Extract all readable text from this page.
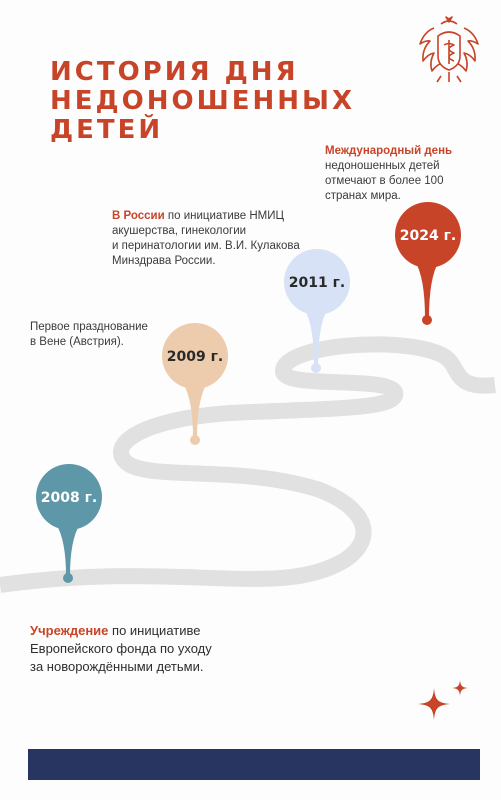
ИСТОРИЯ ДНЯ
НЕДОНОШЕННЫХ
ДЕТЕЙ
2008 г.
2009 г.
2011 г.
2024 г.
Международный день
недоношенных детей
отмечают в более 100
странах мира.
В России по инициативе НМИЦ
акушерства, гинекологии
и перинатологии им. В.И. Кулакова
Минздрава России.
Первое празднование
в Вене (Австрия).
Учреждение по инициативе
Европейского фонда по уходу
за новорождёнными детьми.
